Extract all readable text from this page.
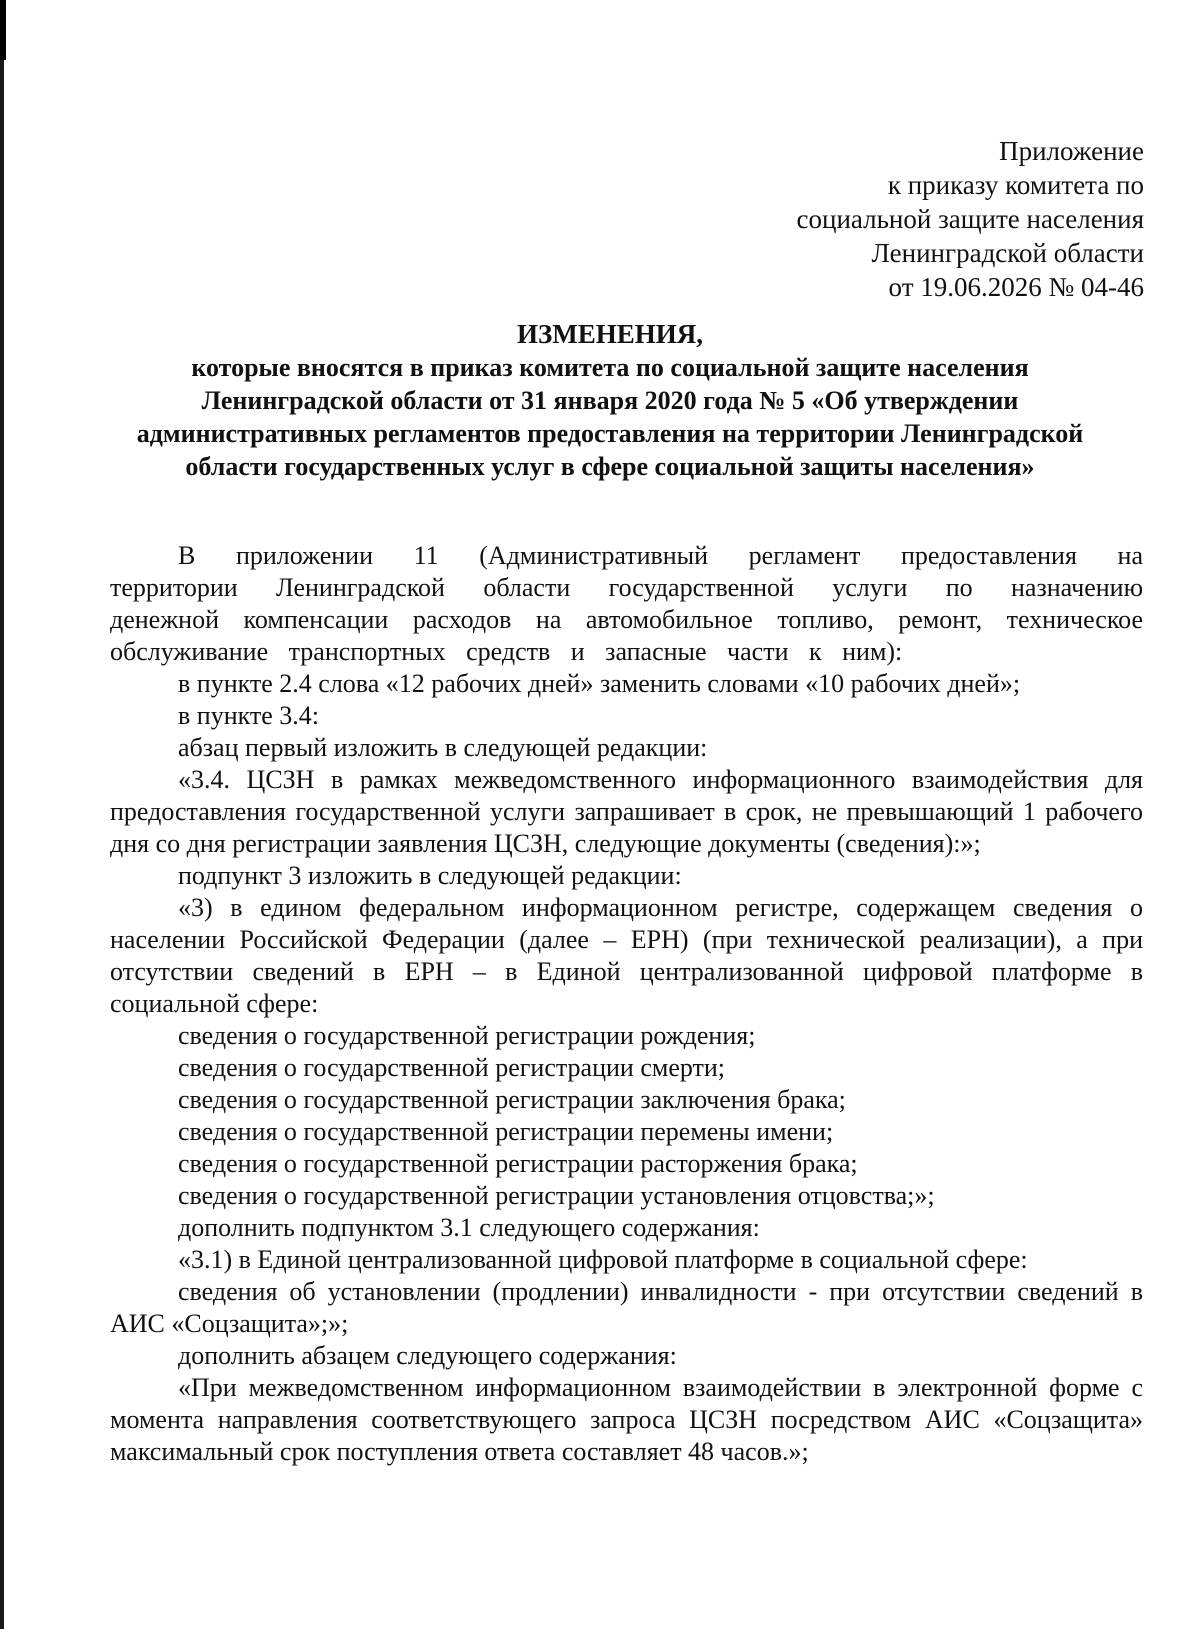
Приложение
к приказу комитета по
социальной защите населения
Ленинградской области
от 19.06.2026 № 04-46
ИЗМЕНЕНИЯ,
которые вносятся в приказ комитета по социальной защите населения Ленинградской области от 31 января 2020 года № 5 «Об утверждении административных регламентов предоставления на территории Ленинградской области государственных услуг в сфере социальной защиты населения»

В приложении 11 (Административный регламент предоставления на территории Ленинградской области государственной услуги по назначению денежной компенсации расходов на автомобильное топливо, ремонт, техническое обслуживание транспортных средств и запасные части к ним):

в пункте 2.4 слова «12 рабочих дней» заменить словами «10 рабочих дней»;

в пункте 3.4:

абзац первый изложить в следующей редакции:

«3.4. ЦСЗН в рамках межведомственного информационного взаимодействия для предоставления государственной услуги запрашивает в срок, не превышающий 1 рабочего дня со дня регистрации заявления ЦСЗН, следующие документы (сведения):»;

подпункт 3 изложить в следующей редакции:

«3) в едином федеральном информационном регистре, содержащем сведения о населении Российской Федерации (далее – ЕРН) (при технической реализации), а при отсутствии сведений в ЕРН – в Единой централизованной цифровой платформе в социальной сфере:

сведения о государственной регистрации рождения;

сведения о государственной регистрации смерти;

сведения о государственной регистрации заключения брака;

сведения о государственной регистрации перемены имени;

сведения о государственной регистрации расторжения брака;

сведения о государственной регистрации установления отцовства;»;

дополнить подпунктом 3.1 следующего содержания:

«3.1) в Единой централизованной цифровой платформе в социальной сфере:

сведения об установлении (продлении) инвалидности - при отсутствии сведений в АИС «Соцзащита»;»;

дополнить абзацем следующего содержания:

«При межведомственном информационном взаимодействии в электронной форме с момента направления соответствующего запроса ЦСЗН посредством АИС «Соцзащита» максимальный срок поступления ответа составляет 48 часов.»;
